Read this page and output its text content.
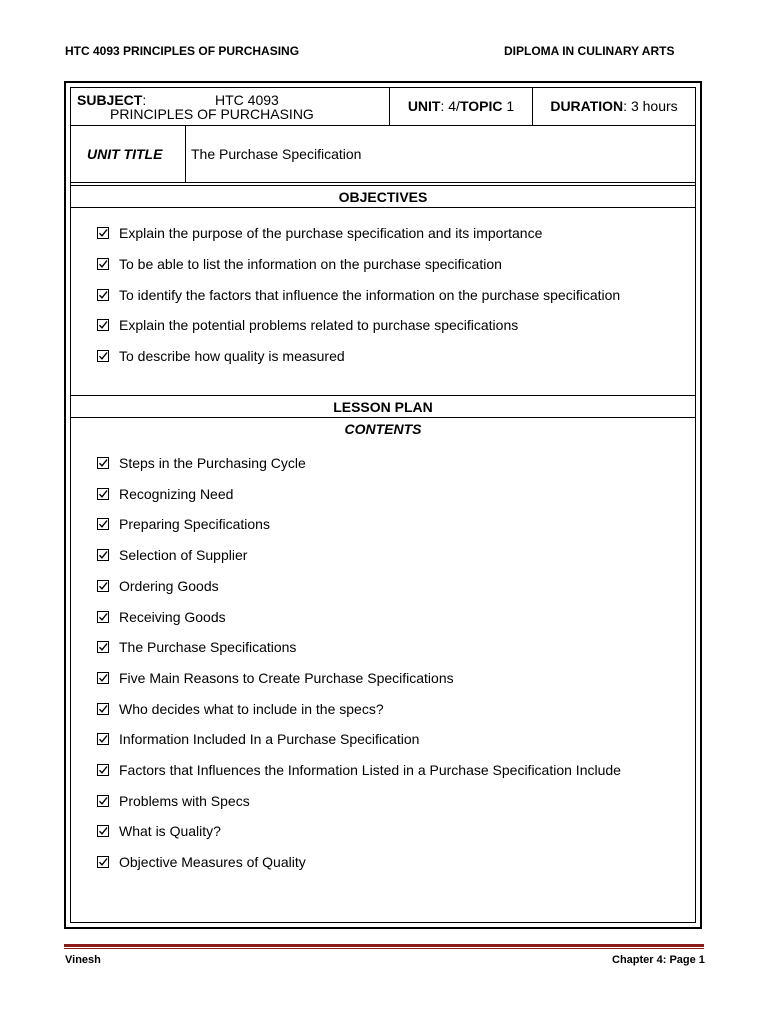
HTC 4093 PRINCIPLES OF PURCHASING	DIPLOMA IN CULINARY ARTS
SUBJECT:	HTC 4093
PRINCIPLES OF PURCHASING	UNIT: 4/TOPIC 1	DURATION: 3 hours
UNIT TITLE The Purchase Specification
OBJECTIVES
Explain the purpose of the purchase specification and its importance
To be able to list the information on the purchase specification
To identify the factors that influence the information on the purchase specification
Explain the potential problems related to purchase specifications
To describe how quality is measured
LESSON PLAN
CONTENTS
Steps in the Purchasing Cycle
Recognizing Need
Preparing Specifications
Selection of Supplier
Ordering Goods
Receiving Goods
The Purchase Specifications
Five Main Reasons to Create Purchase Specifications
Who decides what to include in the specs?
Information Included In a Purchase Specification
Factors that Influences the Information Listed in a Purchase Specification Include
Problems with Specs
What is Quality?
Objective Measures of Quality
Vinesh	Chapter 4: Page 1
